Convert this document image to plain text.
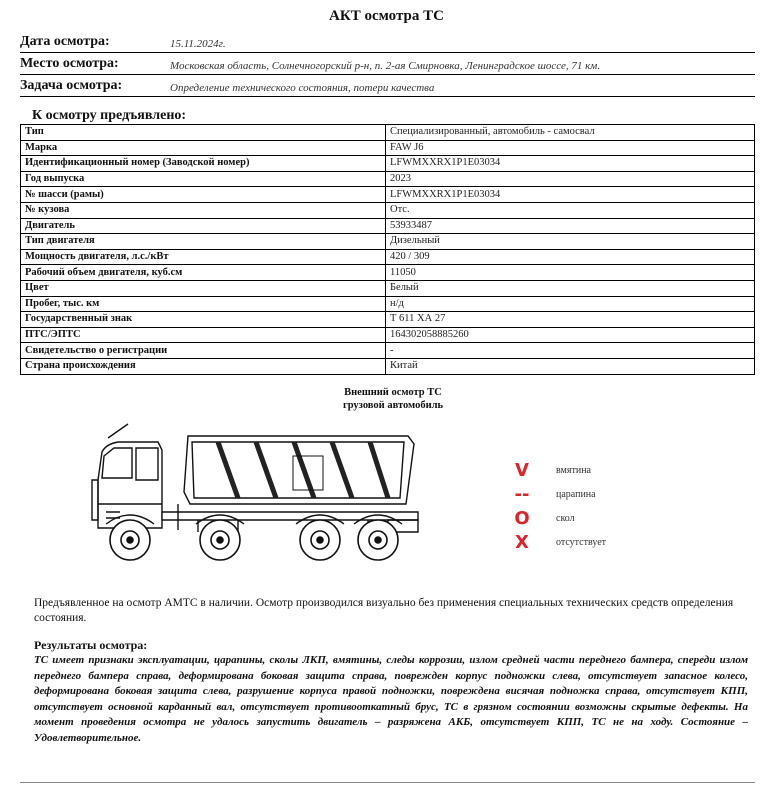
АКТ осмотра ТС
Дата осмотра:	15.11.2024г.
Место осмотра:	Московская область, Солнечногорский р-н, п. 2-ая Смирновка, Ленинградское шоссе, 71 км.
Задача осмотра:	Определение технического состояния, потери качества
К осмотру предъявлено:
Тип	Специализированный, автомобиль - самосвал
Марка	FAW J6
Идентификационный номер (Заводской номер)	LFWMXXRX1P1E03034
Год выпуска	2023
№ шасси (рамы)	LFWMXXRX1P1E03034
№ кузова	Отс.
Двигатель	53933487
Тип двигателя	Дизельный
Мощность двигателя, л.с./кВт	420 / 309
Рабочий объем двигателя, куб.см	11050
Цвет	Белый
Пробег, тыс. км	н/д
Государственный знак	Т 611 ХА 27
ПТС/ЭПТС	164302058885260
Свидетельство о регистрации	-
Страна происхождения	Китай
Внешний осмотр ТС
грузовой автомобиль
V	вмятина
--	царапина
O	скол
X	отсутствует
Предъявленное на осмотр АМТС в наличии. Осмотр производился визуально без применения специальных технических средств определения состояния.
Результаты осмотра:
ТС имеет признаки эксплуатации, царапины, сколы ЛКП, вмятины, следы коррозии, излом средней части переднего бампера, спереди излом переднего бампера справа, деформирована боковая защита справа, поврежден корпус подножки слева, отсутствует запасное колесо, деформирована боковая защита слева, разрушение корпуса правой подножки, повреждена висячая подножка справа, отсутствует КПП, отсутствует основной карданный вал, отсутствует противооткатный брус, ТС в грязном состоянии возможны скрытые дефекты. На момент проведения осмотра не удалось запустить двигатель – разряжена АКБ, отсутствует КПП, ТС не на ходу. Состояние – Удовлетворительное.
